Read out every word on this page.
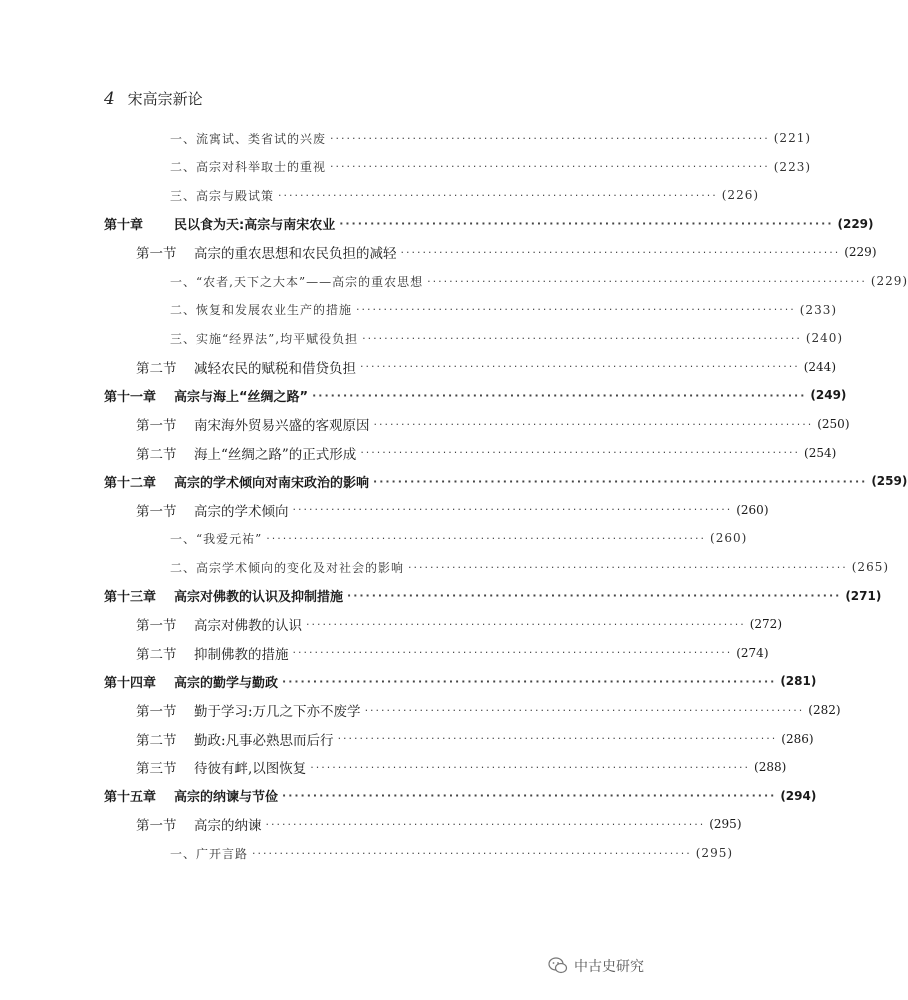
4 宋高宗新论
一、流寓试、类省试的兴废 ················································································ (221)
二、高宗对科举取士的重视 ················································································ (223)
三、高宗与殿试策 ················································································ (226)
第十章 民以食为天:高宗与南宋农业 ················································································ (229)
第一节 高宗的重农思想和农民负担的减轻 ················································································ (229)
一、“农者,天下之大本”——高宗的重农思想 ················································································ (229)
二、恢复和发展农业生产的措施 ················································································ (233)
三、实施“经界法”,均平赋役负担 ················································································ (240)
第二节 减轻农民的赋税和借贷负担 ················································································ (244)
第十一章 高宗与海上“丝绸之路” ················································································ (249)
第一节 南宋海外贸易兴盛的客观原因 ················································································ (250)
第二节 海上“丝绸之路”的正式形成 ················································································ (254)
第十二章 高宗的学术倾向对南宋政治的影响 ················································································ (259)
第一节 高宗的学术倾向 ················································································ (260)
一、“我爱元祐” ················································································ (260)
二、高宗学术倾向的变化及对社会的影响 ················································································ (265)
第十三章 高宗对佛教的认识及抑制措施 ················································································ (271)
第一节 高宗对佛教的认识 ················································································ (272)
第二节 抑制佛教的措施 ················································································ (274)
第十四章 高宗的勤学与勤政 ················································································ (281)
第一节 勤于学习:万几之下亦不废学 ················································································ (282)
第二节 勤政:凡事必熟思而后行 ················································································ (286)
第三节 待彼有衅,以图恢复 ················································································ (288)
第十五章 高宗的纳谏与节俭 ················································································ (294)
第一节 高宗的纳谏 ················································································ (295)
一、广开言路 ················································································ (295)
中古史研究
